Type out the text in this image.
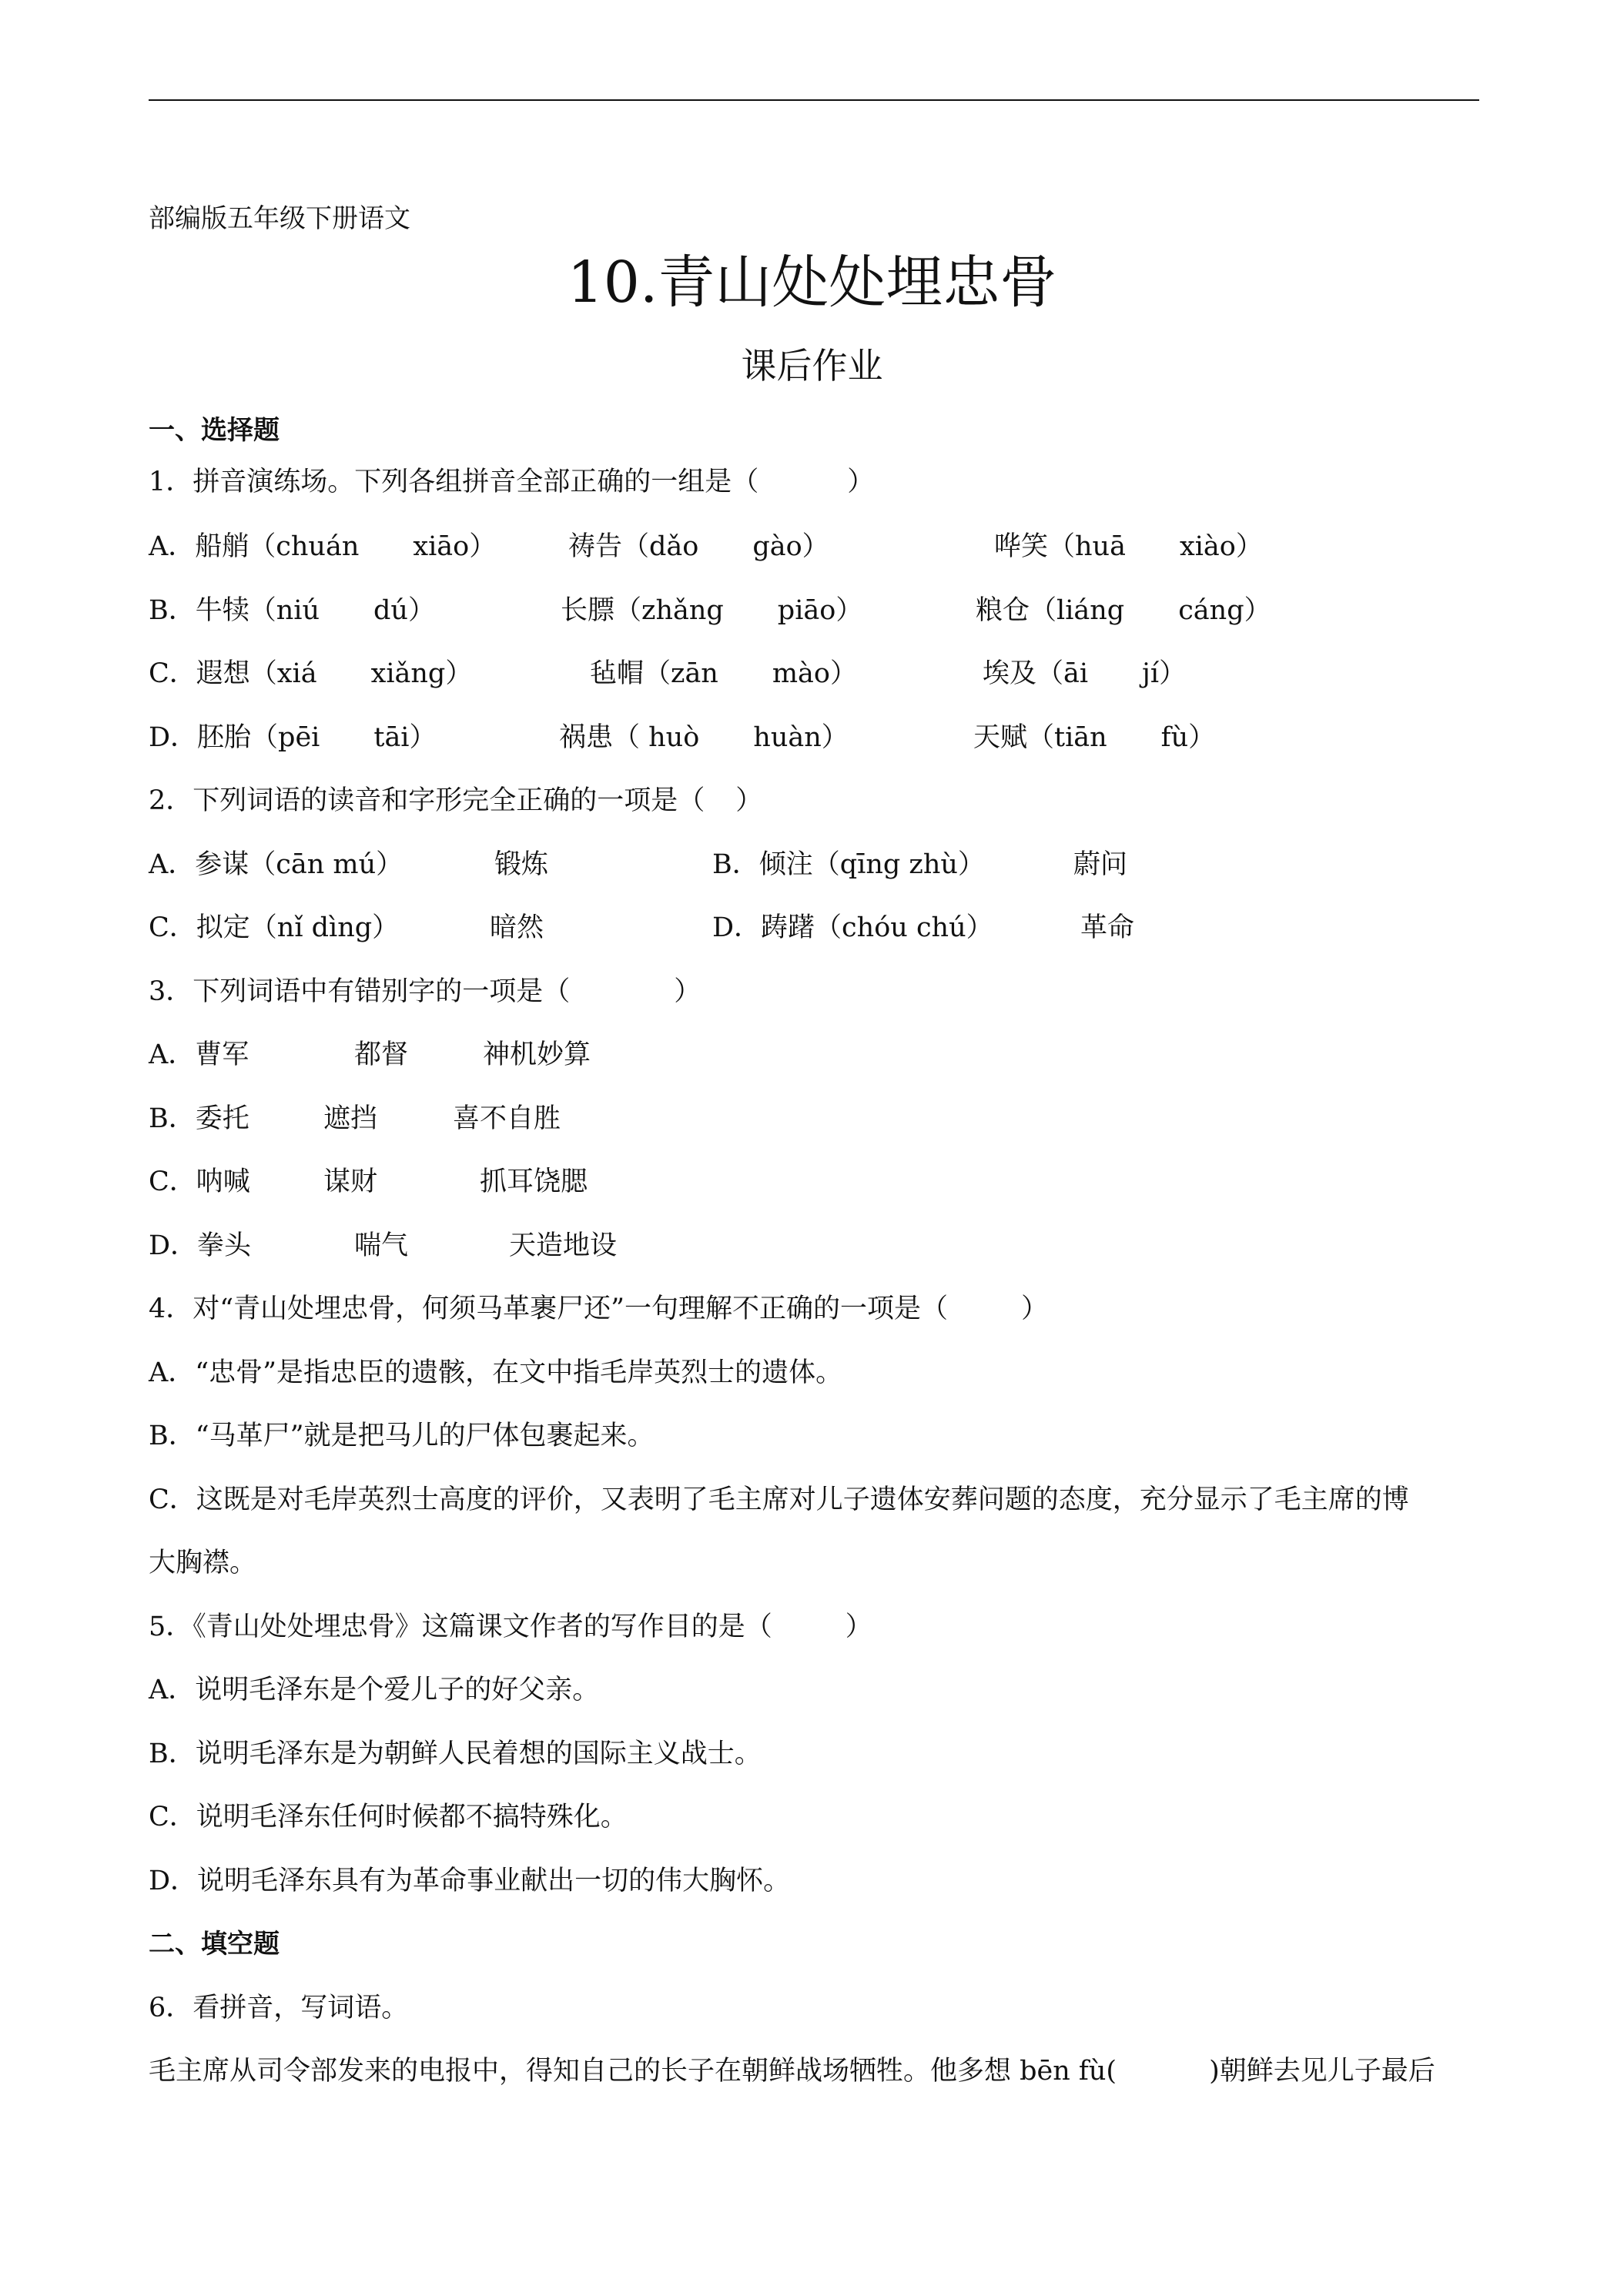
部编版五年级下册语文
10.青山处处埋忠骨
课后作业
一、选择题
1．拼音演练场。下列各组拼音全部正确的一组是（	）
A．船艄（chuán　　xiāo）	祷告（dǎo　　gào）	哗笑（huā　　xiào）
B．牛犊（niú　　dú）	长膘（zhǎng　　piāo）	粮仓（liáng　　cáng）
C．遐想（xiá　　xiǎng）	毡帽（zān　　mào）	埃及（āi　　jí）
D．胚胎（pēi　　tāi）	祸患（ huò　　huàn）	天赋（tiān　　fù）
2．下列词语的读音和字形完全正确的一项是（ ）
A．参谋（cān mú）	锻炼	B．倾注（qīng zhù）	蔚问
C．拟定（nǐ dìng）	暗然	D．踌躇（chóu chú）	革命
3．下列词语中有错别字的一项是（	）
A．曹军	都督	神机妙算
B．委托	遮挡	喜不自胜
C．呐喊	谋财	抓耳饶腮
D．拳头	喘气	天造地设
4．对“青山处埋忠骨，何须马革裹尸还”一句理解不正确的一项是（	）
A．“忠骨”是指忠臣的遗骸，在文中指毛岸英烈士的遗体。
B．“马革尸”就是把马儿的尸体包裹起来。
C．这既是对毛岸英烈士高度的评价，又表明了毛主席对儿子遗体安葬问题的态度，充分显示了毛主席的博
大胸襟。
5．《青山处处埋忠骨》这篇课文作者的写作目的是（	）
A．说明毛泽东是个爱儿子的好父亲。
B．说明毛泽东是为朝鲜人民着想的国际主义战士。
C．说明毛泽东任何时候都不搞特殊化。
D．说明毛泽东具有为革命事业献出一切的伟大胸怀。
二、填空题
6．看拼音，写词语。
毛主席从司令部发来的电报中，得知自己的长子在朝鲜战场牺牲。他多想 bēn fù(	)朝鲜去见儿子最后
